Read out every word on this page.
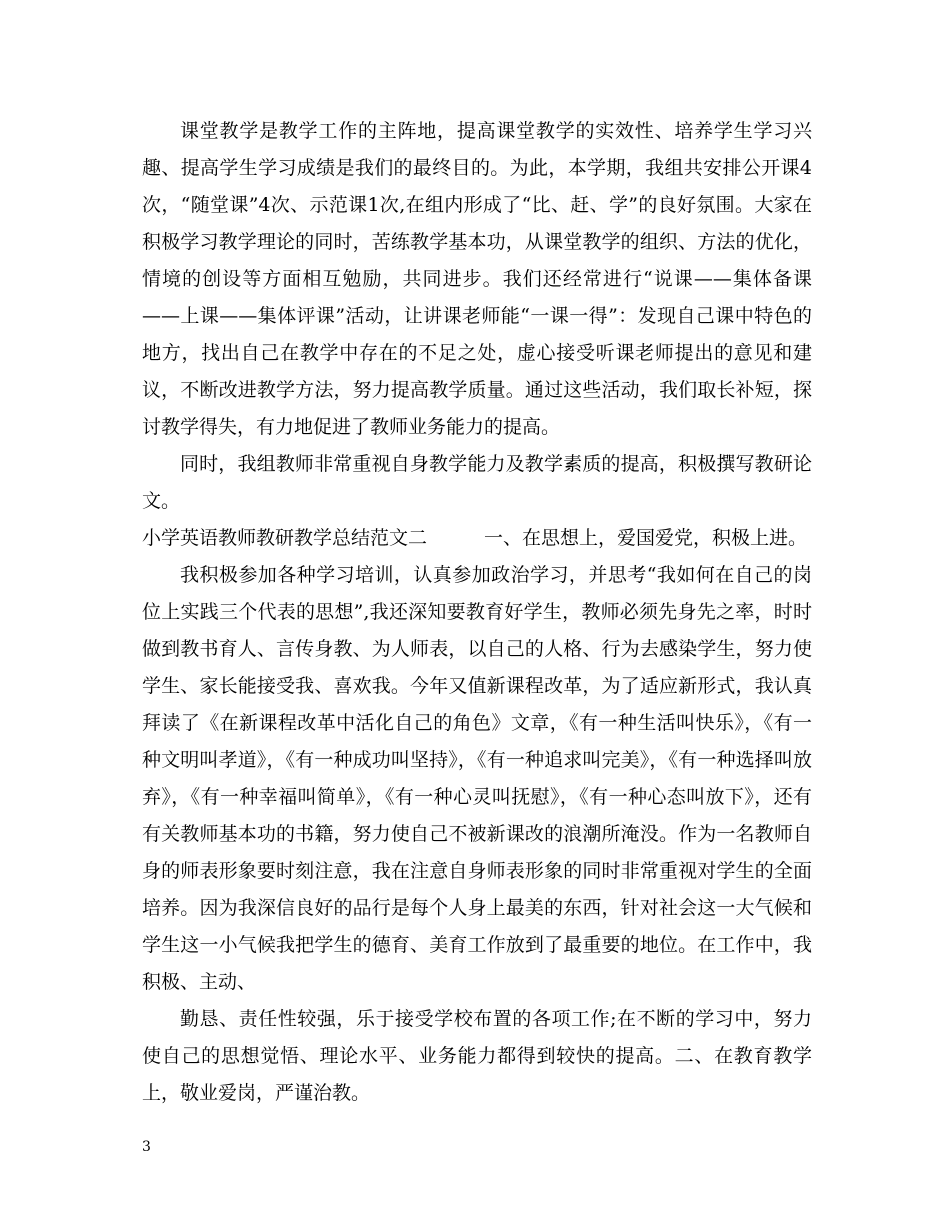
课堂教学是教学工作的主阵地，提高课堂教学的实效性、培养学生学习兴趣、提高学生学习成绩是我们的最终目的。为此，本学期，我组共安排公开课4次，“随堂课”4次、示范课1次,在组内形成了“比、赶、学”的良好氛围。大家在积极学习教学理论的同时，苦练教学基本功，从课堂教学的组织、方法的优化，情境的创设等方面相互勉励，共同进步。我们还经常进行“说课——集体备课——上课——集体评课”活动，让讲课老师能“一课一得”：发现自己课中特色的地方，找出自己在教学中存在的不足之处，虚心接受听课老师提出的意见和建议，不断改进教学方法，努力提高教学质量。通过这些活动，我们取长补短，探讨教学得失，有力地促进了教师业务能力的提高。

同时，我组教师非常重视自身教学能力及教学素质的提高，积极撰写教研论文。

小学英语教师教研教学总结范文二　　　一、在思想上，爱国爱党，积极上进。

我积极参加各种学习培训，认真参加政治学习，并思考“我如何在自己的岗位上实践三个代表的思想”,我还深知要教育好学生，教师必须先身先之率，时时做到教书育人、言传身教、为人师表，以自己的人格、行为去感染学生，努力使学生、家长能接受我、喜欢我。今年又值新课程改革，为了适应新形式，我认真拜读了《在新课程改革中活化自己的角色》文章，《有一种生活叫快乐》，《有一种文明叫孝道》，《有一种成功叫坚持》，《有一种追求叫完美》，《有一种选择叫放弃》，《有一种幸福叫简单》，《有一种心灵叫抚慰》，《有一种心态叫放下》，还有有关教师基本功的书籍，努力使自己不被新课改的浪潮所淹没。作为一名教师自身的师表形象要时刻注意，我在注意自身师表形象的同时非常重视对学生的全面培养。因为我深信良好的品行是每个人身上最美的东西，针对社会这一大气候和学生这一小气候我把学生的德育、美育工作放到了最重要的地位。在工作中，我积极、主动、

勤恳、责任性较强，乐于接受学校布置的各项工作;在不断的学习中，努力使自己的思想觉悟、理论水平、业务能力都得到较快的提高。二、在教育教学上，敬业爱岗，严谨治教。

3
